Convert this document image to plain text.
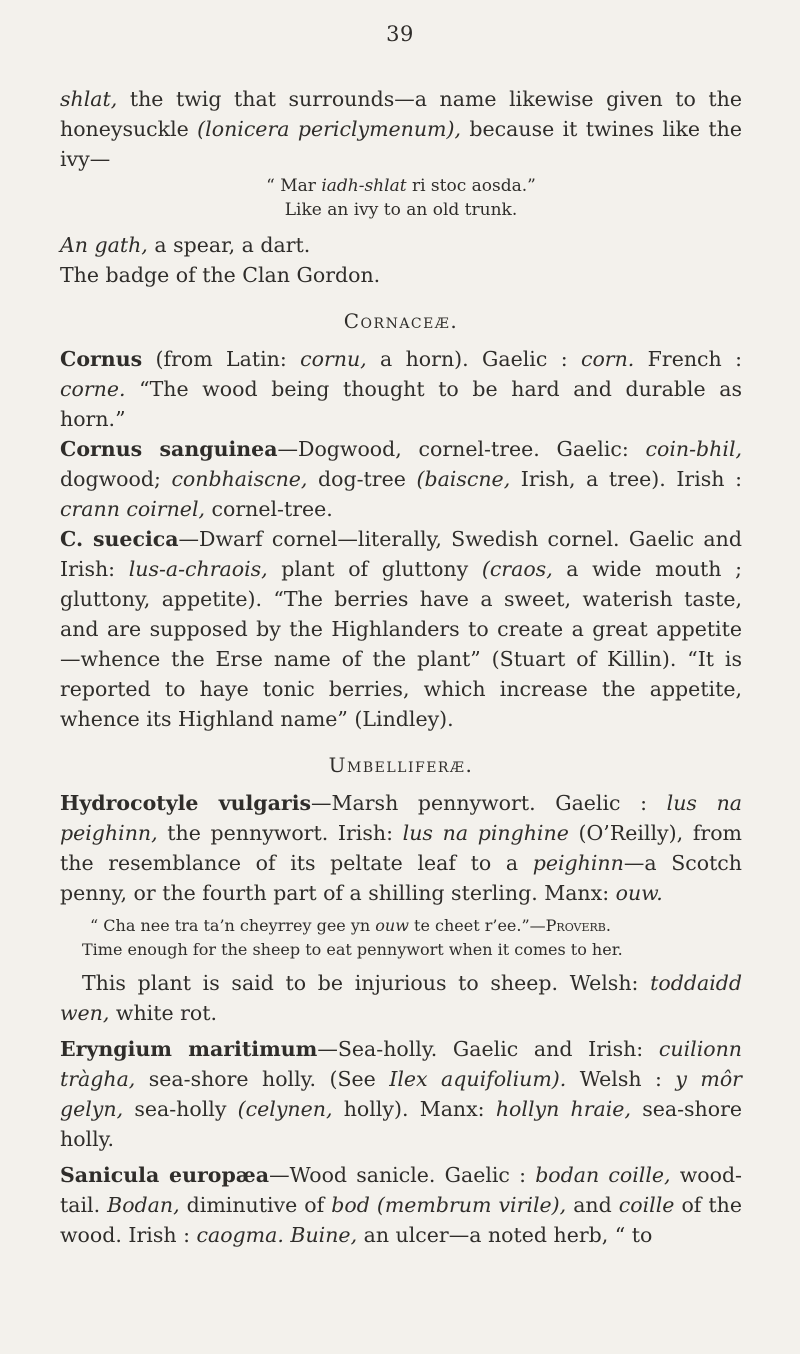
39

shlat, the twig that surrounds—a name likewise given to the honeysuckle (lonicera periclymenum), because it twines like the ivy—

“ Mar iadh-shlat ri stoc aosda.”

Like an ivy to an old trunk.

An gath, a spear, a dart.

The badge of the Clan Gordon.

Cornaceæ.

Cornus (from Latin: cornu, a horn). Gaelic : corn. French : corne. “The wood being thought to be hard and durable as horn.”

Cornus sanguinea—Dogwood, cornel-tree. Gaelic: coin-bhil, dogwood; conbhaiscne, dog-tree (baiscne, Irish, a tree). Irish : crann coirnel, cornel-tree.

C. suecica—Dwarf cornel—literally, Swedish cornel. Gaelic and Irish: lus-a-chraois, plant of gluttony (craos, a wide mouth ; gluttony, appetite). “The berries have a sweet, waterish taste, and are supposed by the Highlanders to create a great appetite—whence the Erse name of the plant” (Stuart of Killin). “It is reported to haye tonic berries, which increase the appetite, whence its Highland name” (Lindley).

Umbelliferæ.

Hydrocotyle vulgaris—Marsh pennywort. Gaelic : lus na peighinn, the pennywort. Irish: lus na pinghine (O’Reilly), from the resemblance of its peltate leaf to a peighinn—a Scotch penny, or the fourth part of a shilling sterling. Manx: ouw.

“ Cha nee tra ta’n cheyrrey gee yn ouw te cheet r’ee.”—Proverb.

Time enough for the sheep to eat pennywort when it comes to her.

This plant is said to be injurious to sheep. Welsh: toddaidd wen, white rot.

Eryngium maritimum—Sea-holly. Gaelic and Irish: cuilionn tràgha, sea-shore holly. (See Ilex aquifolium). Welsh : y môr gelyn, sea-holly (celynen, holly). Manx: hollyn hraie, sea-shore holly.

Sanicula europæa—Wood sanicle. Gaelic : bodan coille, wood-tail. Bodan, diminutive of bod (membrum virile), and coille of the wood. Irish : caogma. Buine, an ulcer—a noted herb, “ to
